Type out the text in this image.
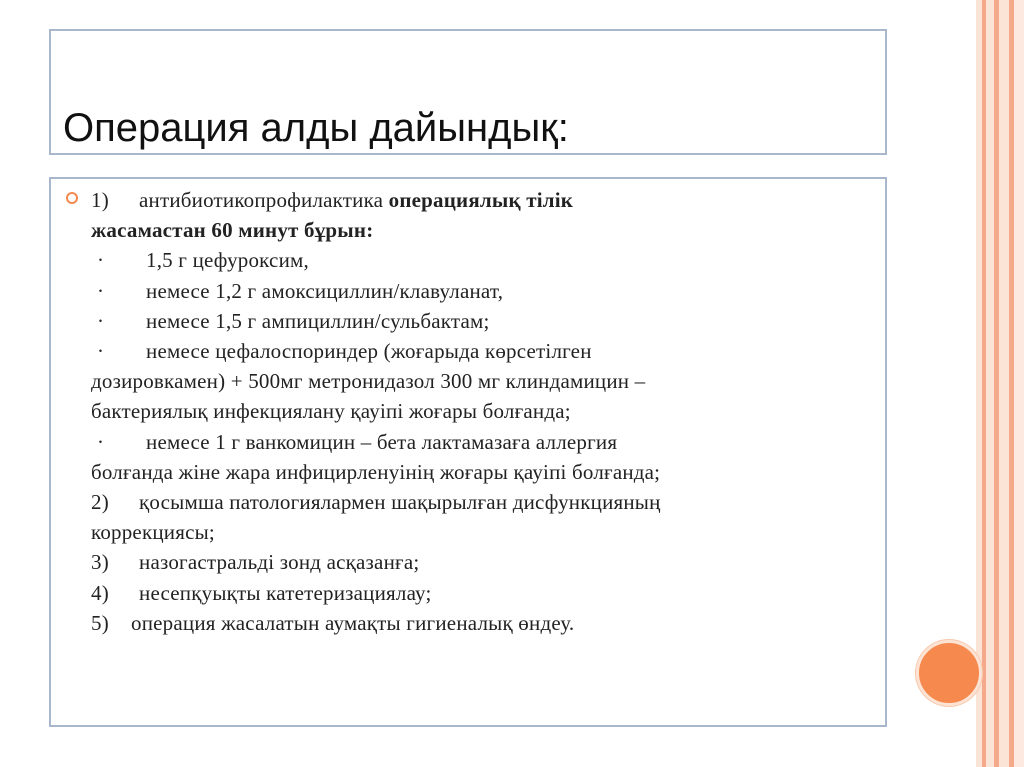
Операция алды дайындық:
1) антибиотикопрофилактика операциялық тілік
жасамастан 60 минут бұрын:
· 1,5 г цефуроксим,
· немесе 1,2 г амоксициллин/клавуланат,
· немесе 1,5 г ампициллин/сульбактам;
· немесе цефалоспориндер (жоғарыда көрсетілген
дозировкамен) + 500мг метронидазол 300 мг клиндамицин –
бактериялық инфекциялану қауіпі жоғары болғанда;
· немесе 1 г ванкомицин – бета лактамазаға аллергия
болғанда жіне жара инфицирленуінің жоғары қауіпі болғанда;
2) қосымша патологиялармен шақырылған дисфункцияның
коррекциясы;
3) назогастральді зонд асқазанға;
4) несепқуықты катетеризациялау;
5) операция жасалатын аумақты гигиеналық өндеу.
